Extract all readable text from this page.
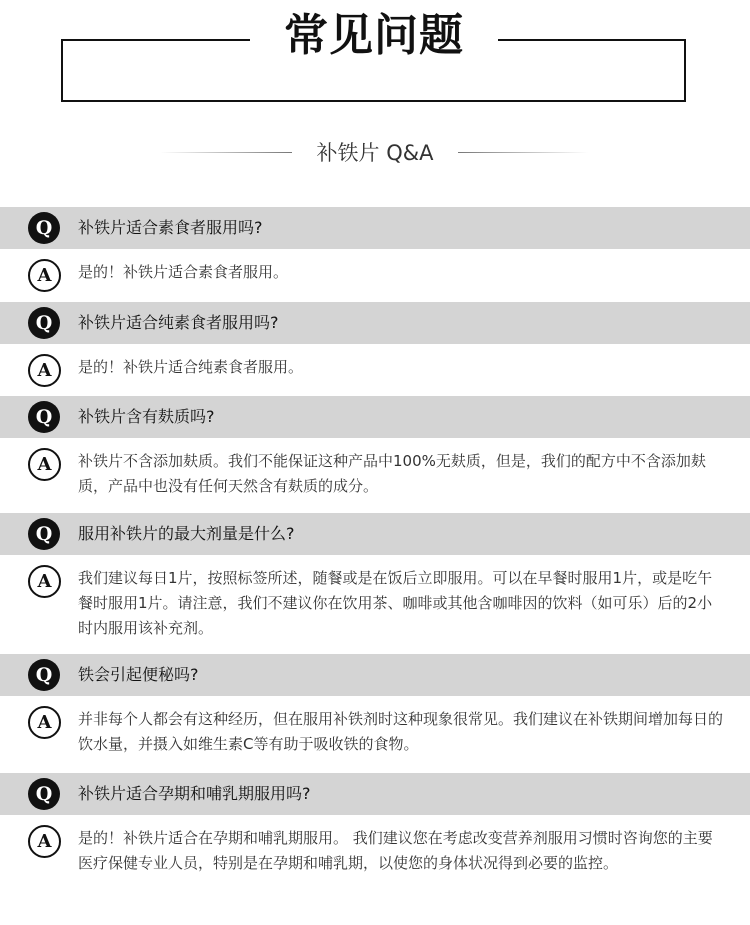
常见问题
补铁片 Q&A
Q	补铁片适合素食者服用吗?
A	是的！补铁片适合素食者服用。
Q	补铁片适合纯素食者服用吗?
A	是的！补铁片适合纯素食者服用。
Q	补铁片含有麸质吗?
A	补铁片不含添加麸质。我们不能保证这种产品中100%无麸质，但是，我们的配方中不含添加麸质，产品中也没有任何天然含有麸质的成分。
Q	服用补铁片的最大剂量是什么?
A	我们建议每日1片，按照标签所述，随餐或是在饭后立即服用。可以在早餐时服用1片，或是吃午餐时服用1片。请注意，我们不建议你在饮用茶、咖啡或其他含咖啡因的饮料（如可乐）后的2小时内服用该补充剂。
Q	铁会引起便秘吗?
A	并非每个人都会有这种经历，但在服用补铁剂时这种现象很常见。我们建议在补铁期间增加每日的饮水量，并摄入如维生素C等有助于吸收铁的食物。
Q	补铁片适合孕期和哺乳期服用吗?
A	是的！补铁片适合在孕期和哺乳期服用。 我们建议您在考虑改变营养剂服用习惯时咨询您的主要医疗保健专业人员，特别是在孕期和哺乳期，以使您的身体状况得到必要的监控。
